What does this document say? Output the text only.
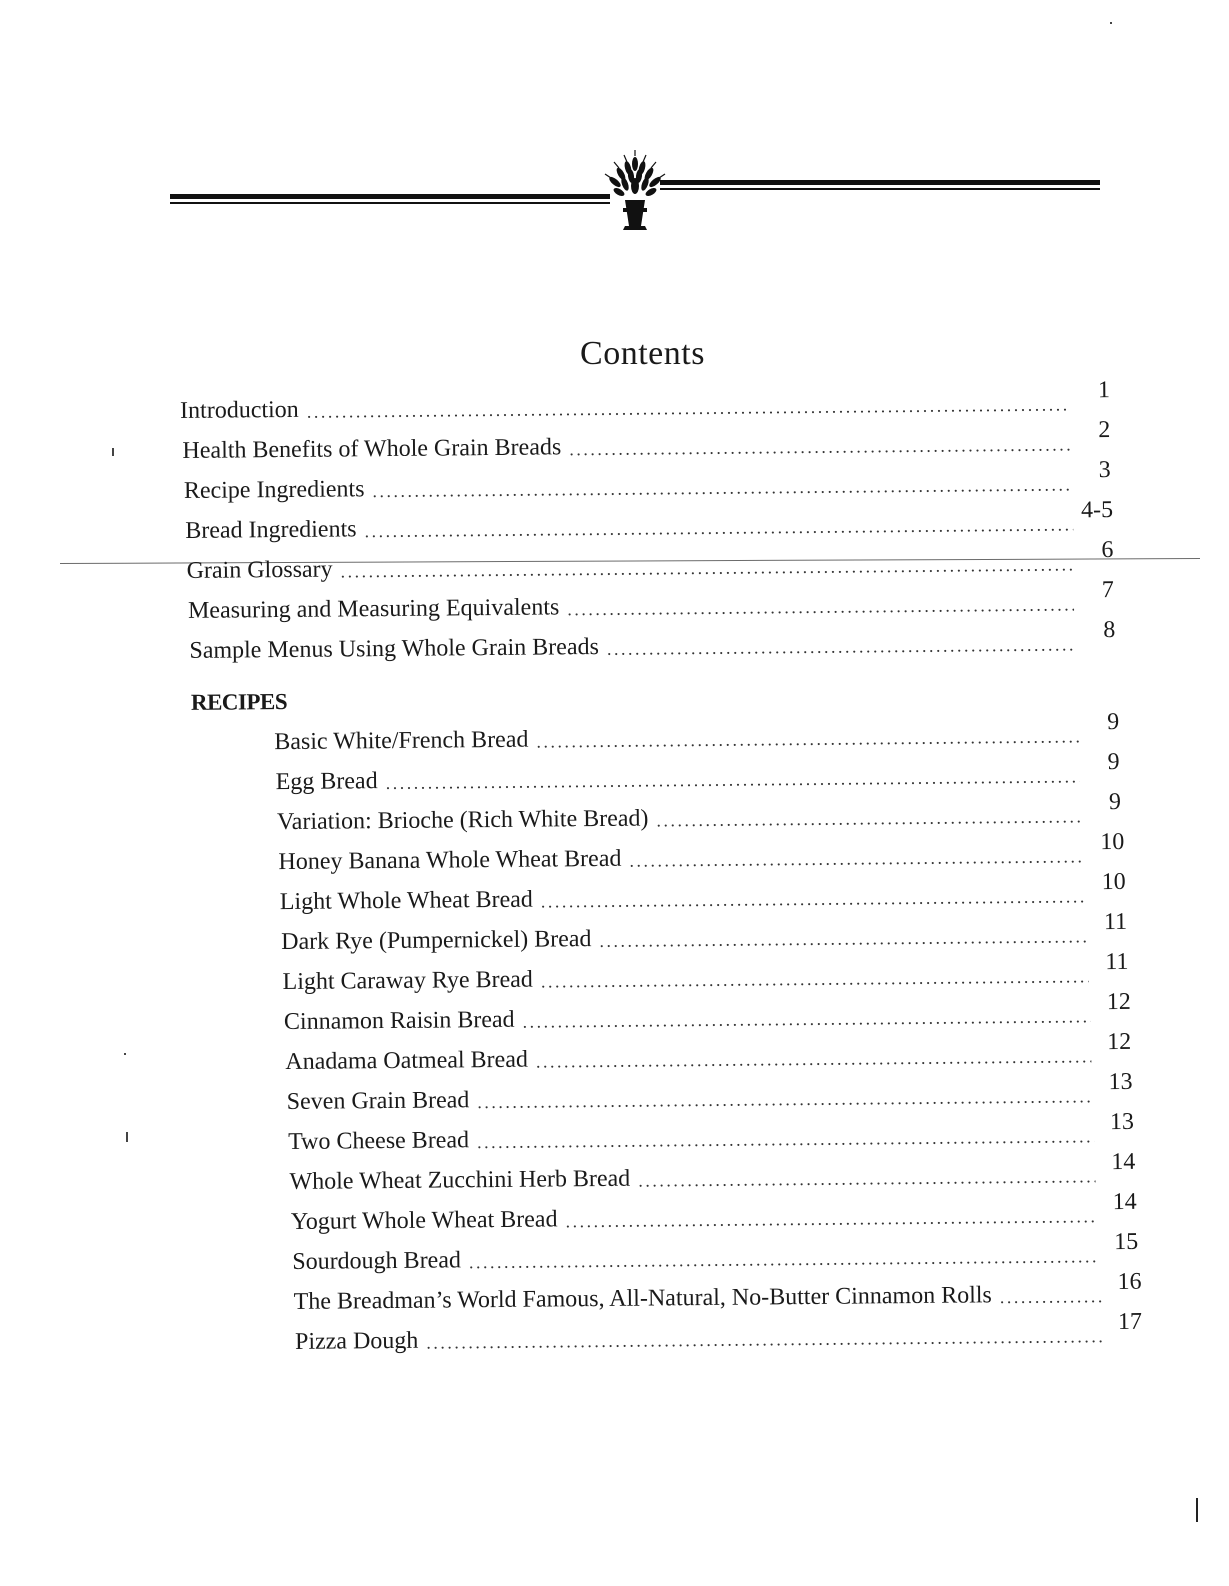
Contents
Introduction
. . .
1
Health Benefits of Whole Grain Breads
. . .
2
Recipe Ingredients
. . .
3
Bread Ingredients
. . .
4-5
Grain Glossary
. . .
6
Measuring and Measuring Equivalents
. . .
7
Sample Menus Using Whole Grain Breads
. . .
8
RECIPES
Basic White/French Bread
. . .
9
Egg Bread
. . .
9
Variation: Brioche (Rich White Bread)
. . .
9
Honey Banana Whole Wheat Bread
. . .
10
Light Whole Wheat Bread
. . .
10
Dark Rye (Pumpernickel) Bread
. . .
11
Light Caraway Rye Bread
. . .
11
Cinnamon Raisin Bread
. . .
12
Anadama Oatmeal Bread
. . .
12
Seven Grain Bread
. . .
13
Two Cheese Bread
. . .
13
Whole Wheat Zucchini Herb Bread
. . .
14
Yogurt Whole Wheat Bread
. . .
14
Sourdough Bread
. . .
15
The Breadman’s World Famous, All-Natural, No-Butter Cinnamon Rolls
. . .
16
Pizza Dough
. . .
17
